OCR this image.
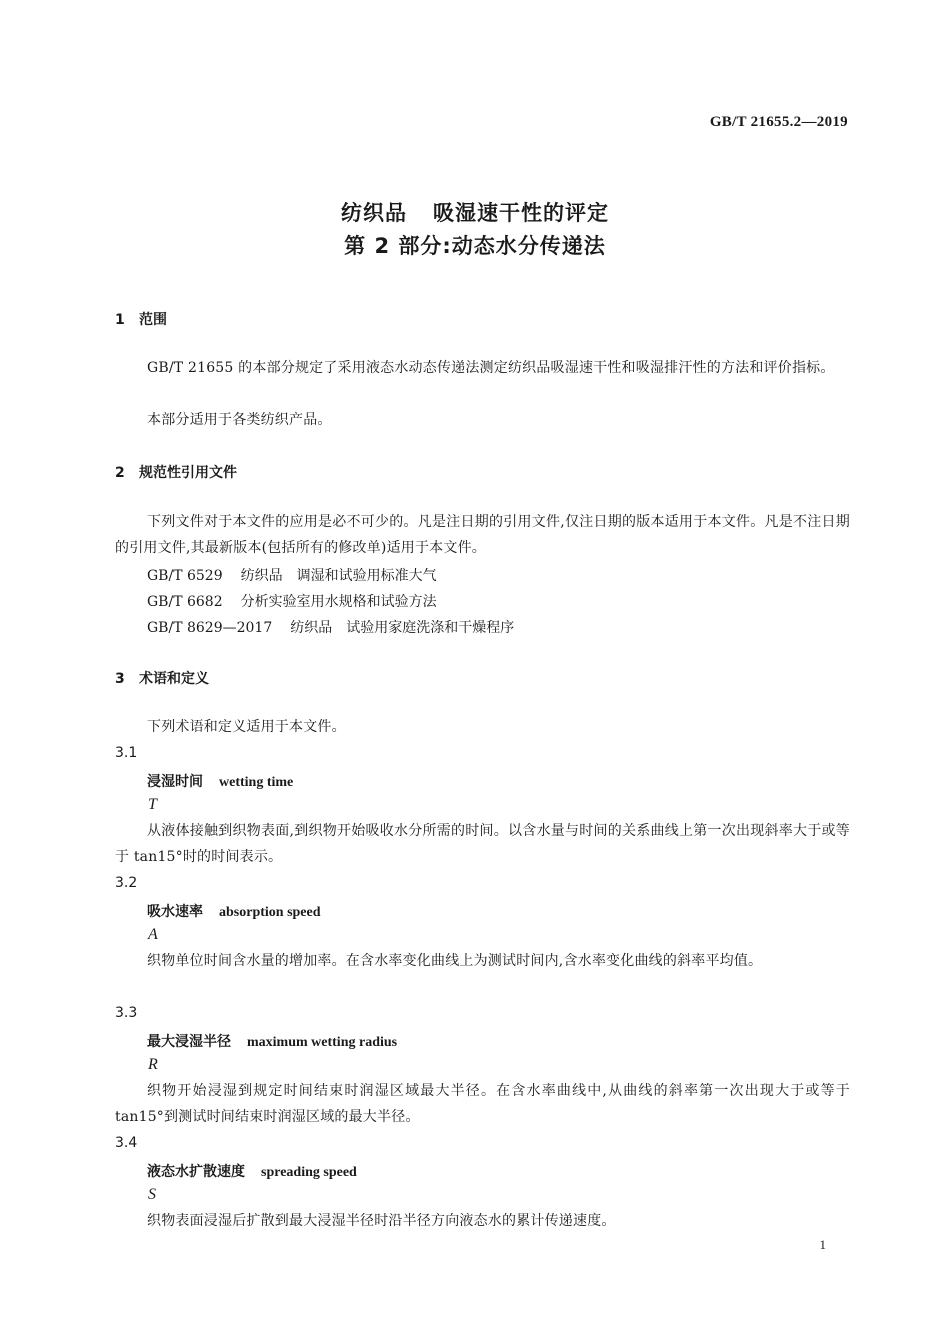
GB/T 21655.2—2019
纺织品 吸湿速干性的评定
第 2 部分:动态水分传递法
1 范围
GB/T 21655 的本部分规定了采用液态水动态传递法测定纺织品吸湿速干性和吸湿排汗性的方法和评价指标。
本部分适用于各类纺织产品。
2 规范性引用文件
下列文件对于本文件的应用是必不可少的。凡是注日期的引用文件,仅注日期的版本适用于本文件。凡是不注日期的引用文件,其最新版本(包括所有的修改单)适用于本文件。
GB/T 6529 纺织品　调湿和试验用标准大气
GB/T 6682 分析实验室用水规格和试验方法
GB/T 8629—2017 纺织品　试验用家庭洗涤和干燥程序
3 术语和定义
下列术语和定义适用于本文件。
3.1
浸湿时间 wetting time
T
从液体接触到织物表面,到织物开始吸收水分所需的时间。以含水量与时间的关系曲线上第一次出现斜率大于或等于 tan15°时的时间表示。
3.2
吸水速率 absorption speed
A
织物单位时间含水量的增加率。在含水率变化曲线上为测试时间内,含水率变化曲线的斜率平均值。
3.3
最大浸湿半径 maximum wetting radius
R
织物开始浸湿到规定时间结束时润湿区域最大半径。在含水率曲线中,从曲线的斜率第一次出现大于或等于 tan15°到测试时间结束时润湿区域的最大半径。
3.4
液态水扩散速度 spreading speed
S
织物表面浸湿后扩散到最大浸湿半径时沿半径方向液态水的累计传递速度。
1
